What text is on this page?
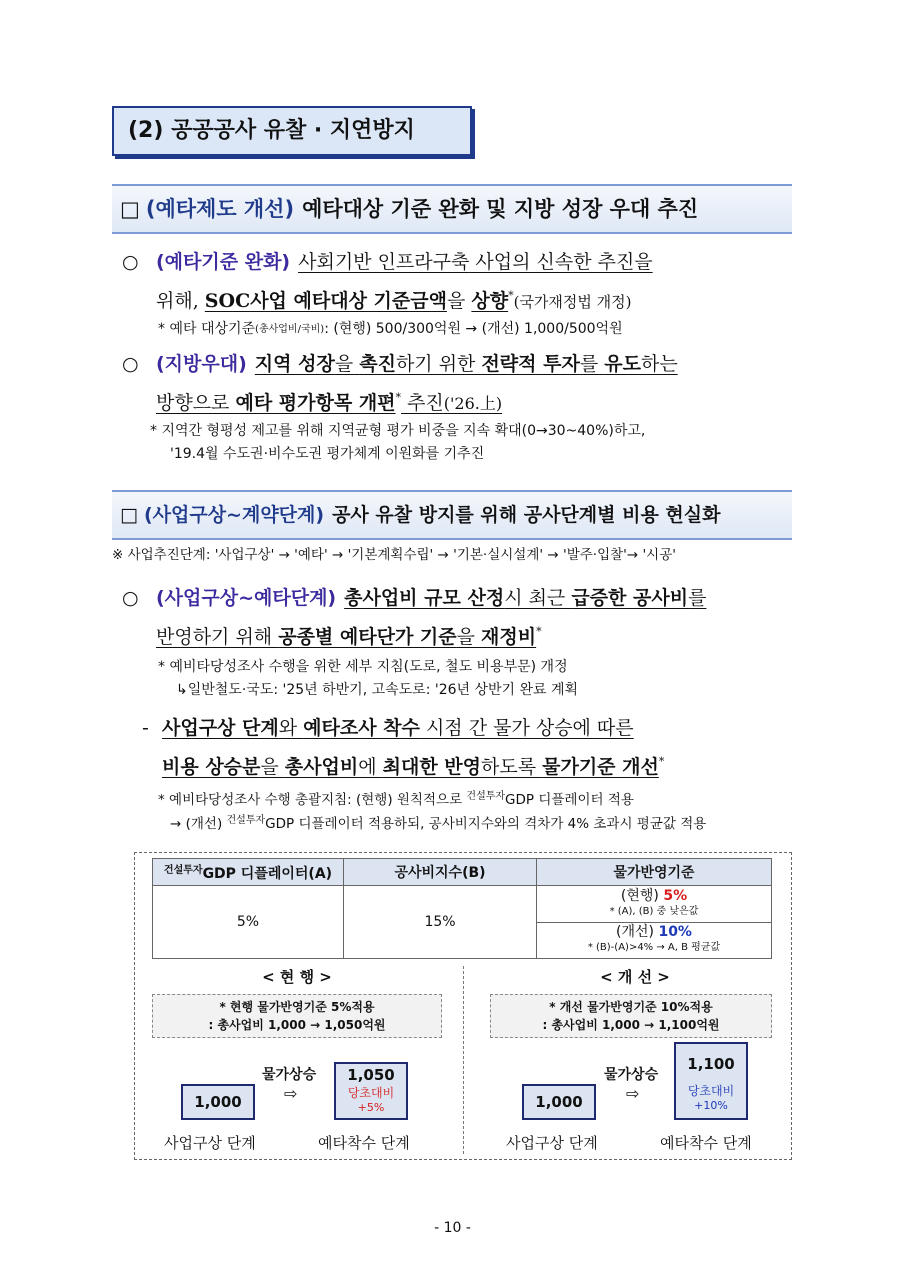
(2) 공공공사 유찰 · 지연방지
□ (예타제도 개선) 예타대상 기준 완화 및 지방 성장 우대 추진
○ (예타기준 완화) 사회기반 인프라구축 사업의 신속한 추진을
위해, SOC사업 예타대상 기준금액을 상향*(국가재정법 개정)
* 예타 대상기준(총사업비/국비): (현행) 500/300억원 → (개선) 1,000/500억원
○ (지방우대) 지역 성장을 촉진하기 위한 전략적 투자를 유도하는
방향으로 예타 평가항목 개편* 추진('26.上)
* 지역간 형평성 제고를 위해 지역균형 평가 비중을 지속 확대(0→30~40%)하고,
'19.4월 수도권·비수도권 평가체계 이원화를 기추진
□ (사업구상~계약단계) 공사 유찰 방지를 위해 공사단계별 비용 현실화
※ 사업추진단계: '사업구상' → '예타' → '기본계획수립' → '기본·실시설계' → '발주·입찰'→ '시공'
○ (사업구상~예타단계) 총사업비 규모 산정시 최근 급증한 공사비를
반영하기 위해 공종별 예타단가 기준을 재정비*
* 예비타당성조사 수행을 위한 세부 지침(도로, 철도 비용부문) 개정
↳일반철도·국도: '25년 하반기, 고속도로: '26년 상반기 완료 계획
- 사업구상 단계와 예타조사 착수 시점 간 물가 상승에 따른
비용 상승분을 총사업비에 최대한 반영하도록 물가기준 개선*
* 예비타당성조사 수행 총괄지침: (현행) 원칙적으로 $^{건설투자}$GDP 디플레이터 적용
→ (개선) $^{건설투자}$GDP 디플레이터 적용하되, 공사비지수와의 격차가 4% 초과시 평균값 적용
$^{건설투자}$GDP 디플레이터(A)	공사비지수(B)	물가반영기준
5%	15%	(현행) 5%
* (A), (B) 중 낮은값

		(개선) 10%
* (B)-(A)>4% → A, B 평균값
< 현 행 >
* 현행 물가반영기준 5%적용
: 총사업비 1,000 → 1,050억원
물가상승
⇨
1,000
1,050
당초대비
+5%
사업구상 단계	예타착수 단계
< 개 선 >
* 개선 물가반영기준 10%적용
: 총사업비 1,000 → 1,100억원
물가상승
⇨
1,000
1,100
당초대비
+10%
사업구상 단계	예타착수 단계
- 10 -
